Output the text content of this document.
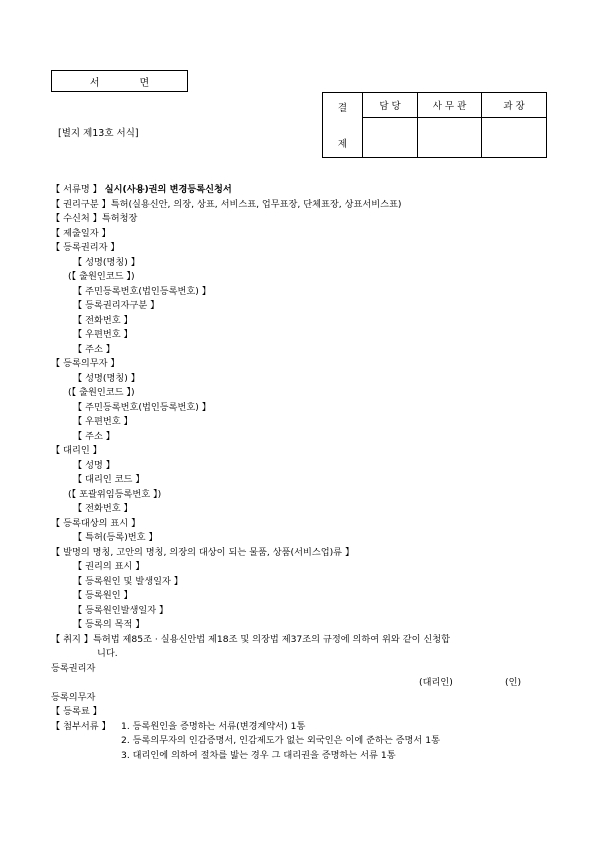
서	면
[별지 제13호 서식]
결
제	담 당	사 무 관	과 장

【 서류명 】 실시(사용)권의 변경등록신청서
【 권리구분 】특허(실용신안, 의장, 상표, 서비스표, 업무표장, 단체표장, 상표서비스표)
【 수신처 】특허청장
【 제출일자 】
【 등록권리자 】
【 성명(명칭) 】
(【 출원인코드 】)
【 주민등록번호(법인등록번호) 】
【 등록권리자구분 】
【 전화번호 】
【 우편번호 】
【 주소 】
【 등록의무자 】
【 성명(명칭) 】
(【 출원인코드 】)
【 주민등록번호(법인등록번호) 】
【 우편번호 】
【 주소 】
【 대리인 】
【 성명 】
【 대리인 코드 】
(【 포괄위임등록번호 】)
【 전화번호 】
【 등록대상의 표시 】
【 특허(등록)번호 】
【 발명의 명칭, 고안의 명칭, 의장의 대상이 되는 물품, 상품(서비스업)류 】
【 권리의 표시 】
【 등록원인 및 발생일자 】
【 등록원인 】
【 등록원인발생일자 】
【 등록의 목적 】
【 취지 】특허법 제85조 · 실용신안법 제18조 및 의장법 제37조의 규정에 의하여 위와 같이 신청합
니다.
등록권리자
(대리인)	(인)
등록의무자
【 등록료 】
【 첨부서류 】 1. 등록원인을 증명하는 서류(변경계약서) 1통
2. 등록의무자의 인감증명서, 인감제도가 없는 외국인은 이에 준하는 증명서 1통
3. 대리인에 의하여 절차를 밟는 경우 그 대리권을 증명하는 서류 1통
